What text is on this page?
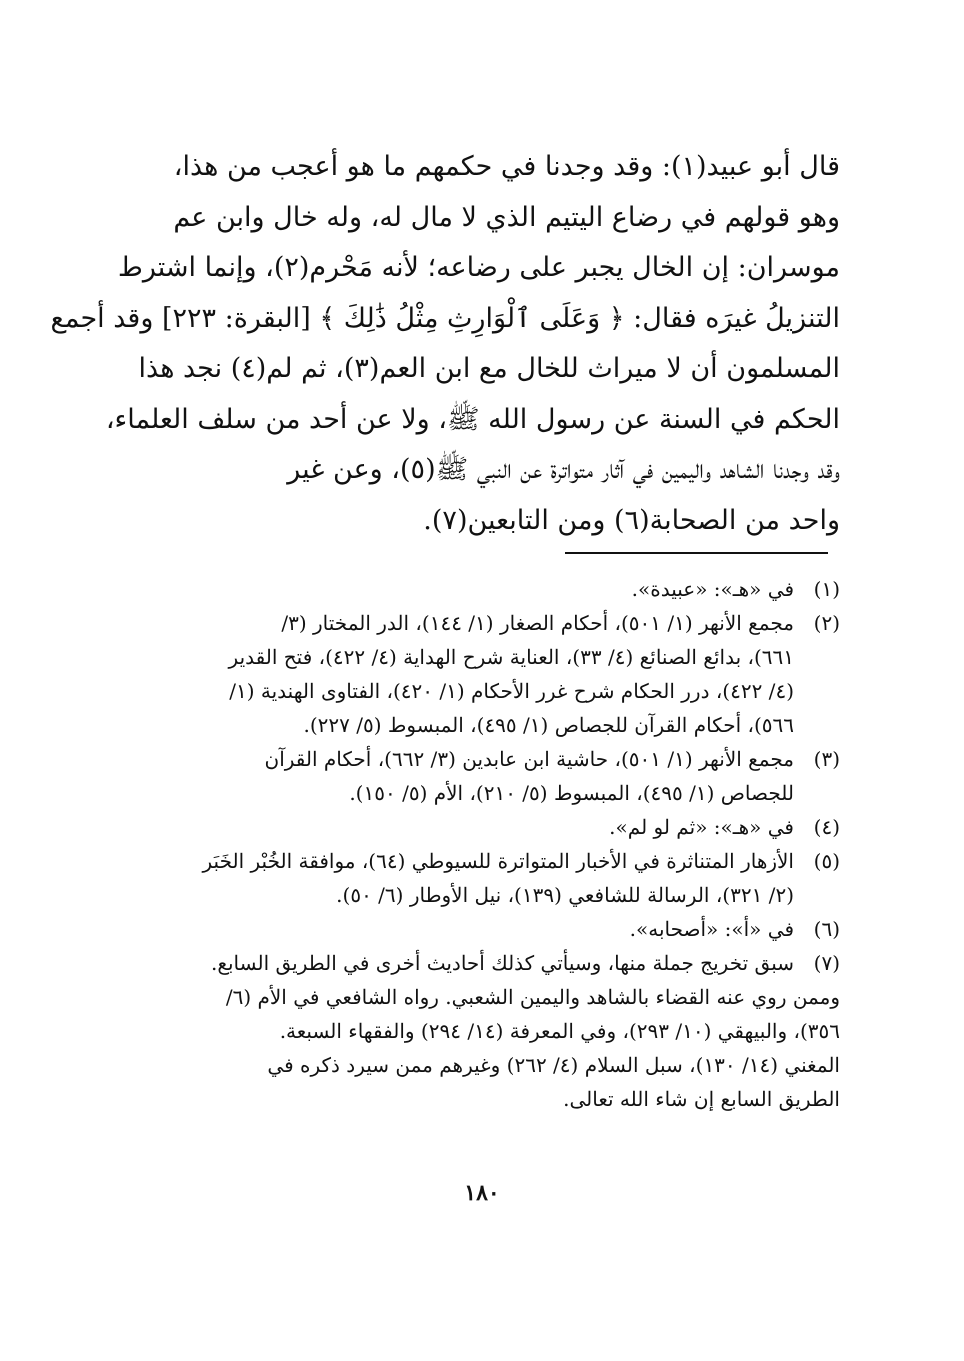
قال أبو عبيد(١): وقد وجدنا في حكمهم ما هو أعجب من هذا،
وهو قولهم في رضاع اليتيم الذي لا مال له، وله خال وابن عم
موسران: إن الخال يجبر على رضاعه؛ لأنه مَحْرم(٢)، وإنما اشترط
التنزيلُ غيرَه فقال: ﴿ وَعَلَى ٱلْوَارِثِ مِثْلُ ذَٰلِكَ ﴾ [البقرة: ٢٢٣] وقد أجمع
المسلمون أن لا ميراث للخال مع ابن العم(٣)، ثم لم(٤) نجد هذا
الحكم في السنة عن رسول الله ﷺ، ولا عن أحد من سلف العلماء،
وقد وجدنا الشاهد واليمين في آثار متواترة عن النبي ﷺ(٥)، وعن غير
واحد من الصحابة(٦) ومن التابعين(٧).
(١)
في «هـ»: «عبيدة».
(٢)
مجمع الأنهر (١/ ٥٠١)، أحكام الصغار (١/ ١٤٤)، الدر المختار (٣/
٦٦١)، بدائع الصنائع (٤/ ٣٣)، العناية شرح الهداية (٤/ ٤٢٢)، فتح القدير
(٤/ ٤٢٢)، درر الحكام شرح غرر الأحكام (١/ ٤٢٠)، الفتاوى الهندية (١/
٥٦٦)، أحكام القرآن للجصاص (١/ ٤٩٥)، المبسوط (٥/ ٢٢٧).
(٣)
مجمع الأنهر (١/ ٥٠١)، حاشية ابن عابدين (٣/ ٦٦٢)، أحكام القرآن
للجصاص (١/ ٤٩٥)، المبسوط (٥/ ٢١٠)، الأم (٥/ ١٥٠).
(٤)
في «هـ»: «ثم لو لم».
(٥)
الأزهار المتناثرة في الأخبار المتواترة للسيوطي (٦٤)، موافقة الخُبْر الخَبَر
(٢/ ٣٢١)، الرسالة للشافعي (١٣٩)، نيل الأوطار (٦/ ٥٠).
(٦)
في «أ»: «أصحابه».
(٧)
سبق تخريج جملة منها، وسيأتي كذلك أحاديث أخرى في الطريق السابع.
وممن روي عنه القضاء بالشاهد واليمين الشعبي. رواه الشافعي في الأم (٦/
٣٥٦)، والبيهقي (١٠/ ٢٩٣)، وفي المعرفة (١٤/ ٢٩٤) والفقهاء السبعة.
المغني (١٤/ ١٣٠)، سبل السلام (٤/ ٢٦٢) وغيرهم ممن سيرد ذكره في
الطريق السابع إن شاء الله تعالى.
١٨٠
